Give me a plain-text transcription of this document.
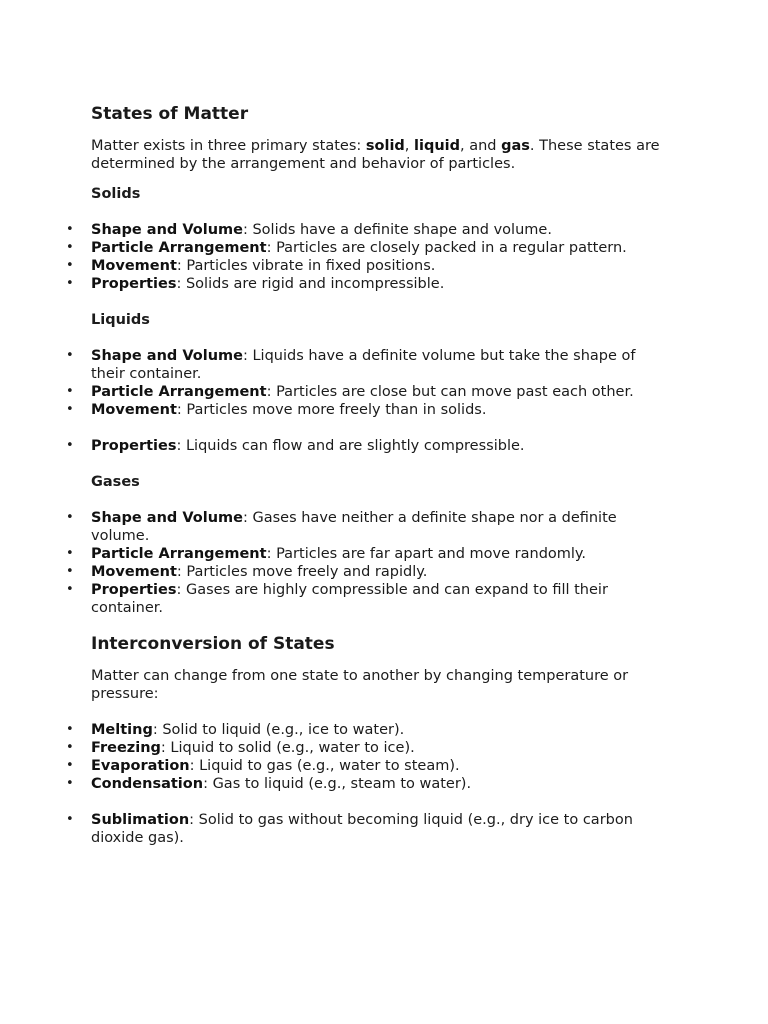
States of Matter

Matter exists in three primary states: solid, liquid, and gas. These states are determined by the arrangement and behavior of particles.

Solids

• Shape and Volume: Solids have a definite shape and volume.
• Particle Arrangement: Particles are closely packed in a regular pattern.
• Movement: Particles vibrate in fixed positions.
• Properties: Solids are rigid and incompressible.

Liquids

• Shape and Volume: Liquids have a definite volume but take the shape of their container.
• Particle Arrangement: Particles are close but can move past each other.
• Movement: Particles move more freely than in solids.
• Properties: Liquids can flow and are slightly compressible.

Gases

• Shape and Volume: Gases have neither a definite shape nor a definite volume.
• Particle Arrangement: Particles are far apart and move randomly.
• Movement: Particles move freely and rapidly.
• Properties: Gases are highly compressible and can expand to fill their container.
Interconversion of States

Matter can change from one state to another by changing temperature or pressure:

• Melting: Solid to liquid (e.g., ice to water).
• Freezing: Liquid to solid (e.g., water to ice).
• Evaporation: Liquid to gas (e.g., water to steam).
• Condensation: Gas to liquid (e.g., steam to water).
• Sublimation: Solid to gas without becoming liquid (e.g., dry ice to carbon dioxide gas).
